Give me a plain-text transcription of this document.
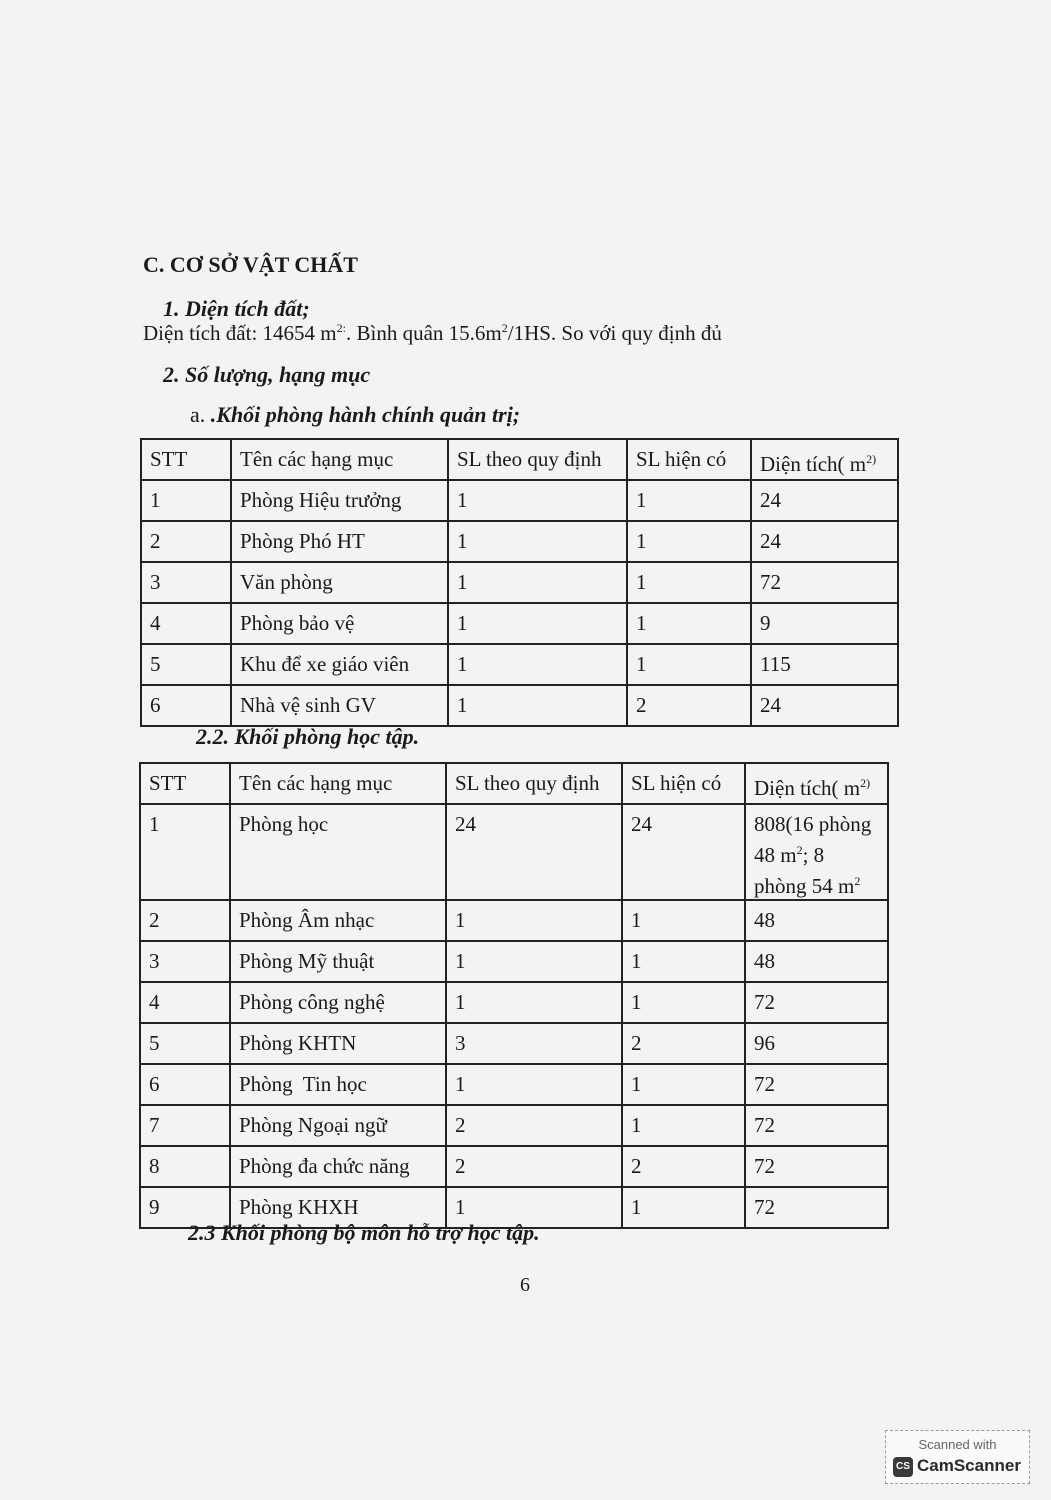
C. CƠ SỞ VẬT CHẤT
1. Diện tích đất;
Diện tích đất: 14654 $m^{2:}$. Bình quân $15.6m^2/1HS$. So với quy định đủ
2. Số lượng, hạng mục
a. .Khối phòng hành chính quản trị;
STT	Tên các hạng mục	SL theo quy định	SL hiện có	Diện tích( $m^{2)}$
1	Phòng Hiệu trưởng	1	1	24
2	Phòng Phó HT	1	1	24
3	Văn phòng	1	1	72
4	Phòng bảo vệ	1	1	9
5	Khu để xe giáo viên	1	1	115
6	Nhà vệ sinh GV	1	2	24
2.2. Khối phòng học tập.
STT	Tên các hạng mục	SL theo quy định	SL hiện có	Diện tích( $m^{2)}$
1	Phòng học	24	24	808(16 phòng
48 $m^2$; 8
phòng 54 $m^2$
2	Phòng Âm nhạc	1	1	48
3	Phòng Mỹ thuật	1	1	48
4	Phòng công nghệ	1	1	72
5	Phòng KHTN	3	2	96
6	Phòng  Tin học	1	1	72
7	Phòng Ngoại ngữ	2	1	72
8	Phòng đa chức năng	2	2	72
9	Phòng KHXH	1	1	72
2.3 Khối phòng bộ môn hỗ trợ học tập.
6
Scanned with
CS CamScanner
